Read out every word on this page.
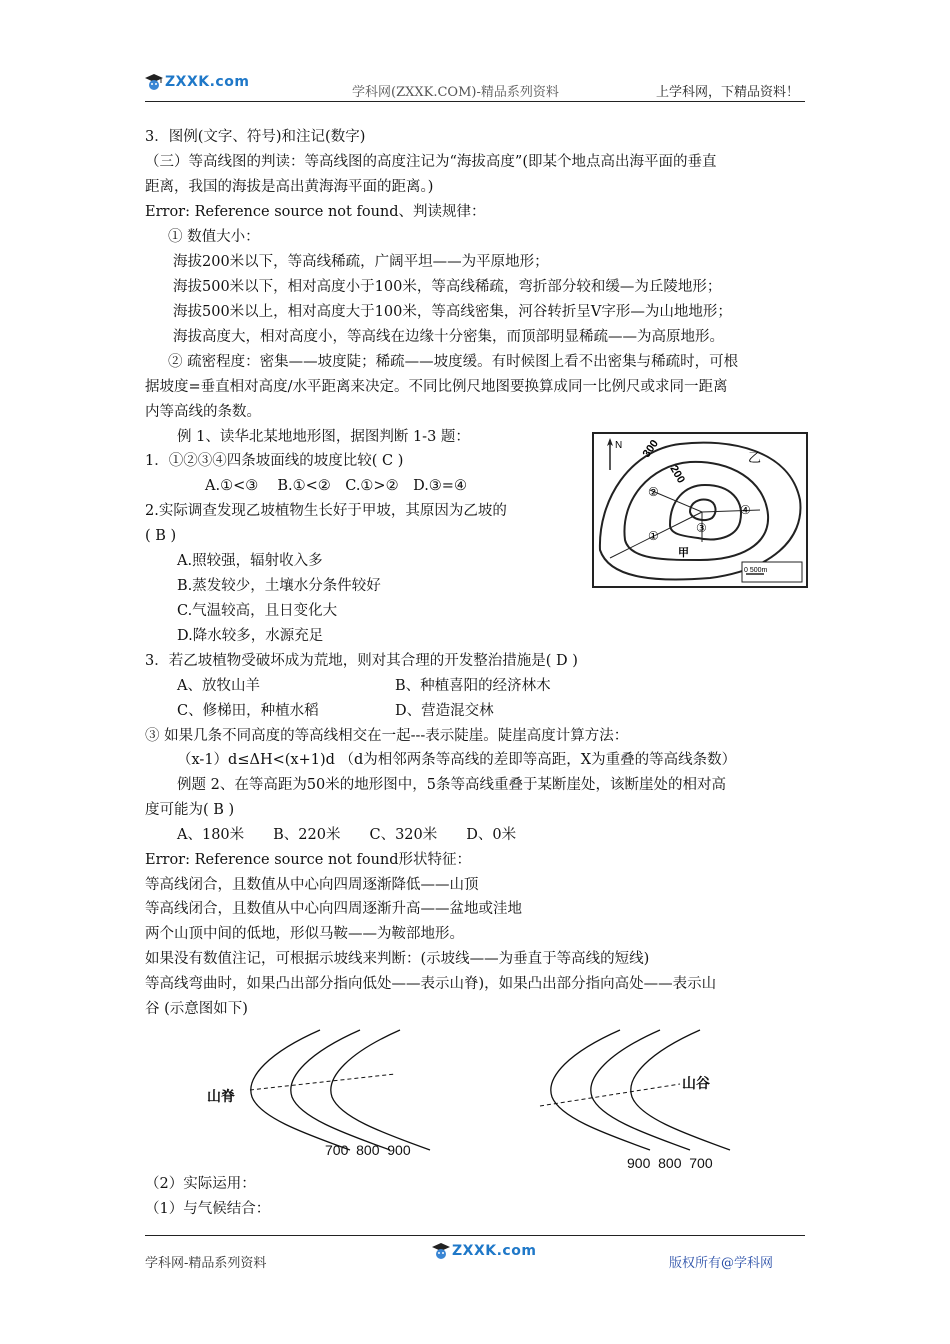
ZXXK.com
学科网(ZXXK.COM)-精品系列资料	上学科网，下精品资料！
3．图例(文字、符号)和注记(数字)
（三）等高线图的判读：等高线图的高度注记为“海拔高度”(即某个地点高出海平面的垂直
距离，我国的海拔是高出黄海海平面的距离。)
Error: Reference source not found、判读规律：
① 数值大小：
海拔200米以下，等高线稀疏，广阔平坦——为平原地形；
海拔500米以下，相对高度小于100米，等高线稀疏，弯折部分较和缓—为丘陵地形；
海拔500米以上，相对高度大于100米，等高线密集，河谷转折呈V字形—为山地地形；
海拔高度大，相对高度小，等高线在边缘十分密集，而顶部明显稀疏——为高原地形。
② 疏密程度：密集——坡度陡；稀疏——坡度缓。有时候图上看不出密集与稀疏时，可根
据坡度=垂直相对高度/水平距离来决定。不同比例尺地图要换算成同一比例尺或求同一距离
内等高线的条数。
例 1、读华北某地地形图，据图判断 1-3 题：
1．①②③④四条坡面线的坡度比较( C )
A.①<③　 B.①<②　C.①>②　D.③=④
2.实际调查发现乙坡植物生长好于甲坡，其原因为乙坡的
( B )
A.照较强，辐射收入多
B.蒸发较少，土壤水分条件较好
C.气温较高，且日变化大
D.降水较多，水源充足
3．若乙坡植物受破坏成为荒地，则对其合理的开发整治措施是( D )
A、放牧山羊	B、种植喜阳的经济林木
C、修梯田，种植水稻	D、营造混交林
③ 如果几条不同高度的等高线相交在一起---表示陡崖。陡崖高度计算方法：
（x-1）d≤ΔH<(x+1)d （d为相邻两条等高线的差即等高距，X为重叠的等高线条数）
例题 2、在等高距为50米的地形图中，5条等高线重叠于某断崖处，该断崖处的相对高
度可能为( B )
A、180米　　B、220米　　C、320米　　D、0米
Error: Reference source not found形状特征：
等高线闭合，且数值从中心向四周逐渐降低——山顶
等高线闭合，且数值从中心向四周逐渐升高——盆地或洼地
两个山顶中间的低地，形似马鞍——为鞍部地形。
如果没有数值注记，可根据示坡线来判断：(示坡线——为垂直于等高线的短线)
等高线弯曲时，如果凸出部分指向低处——表示山脊)，如果凸出部分指向高处——表示山
谷 (示意图如下)
（2）实际运用：
（1）与气候结合：
N 300
200
乙
甲
②
①
③
④
0 500m
山脊
山谷
700  800  900
900  800  700
学科网-精品系列资料
ZXXK.com
版权所有@学科网
